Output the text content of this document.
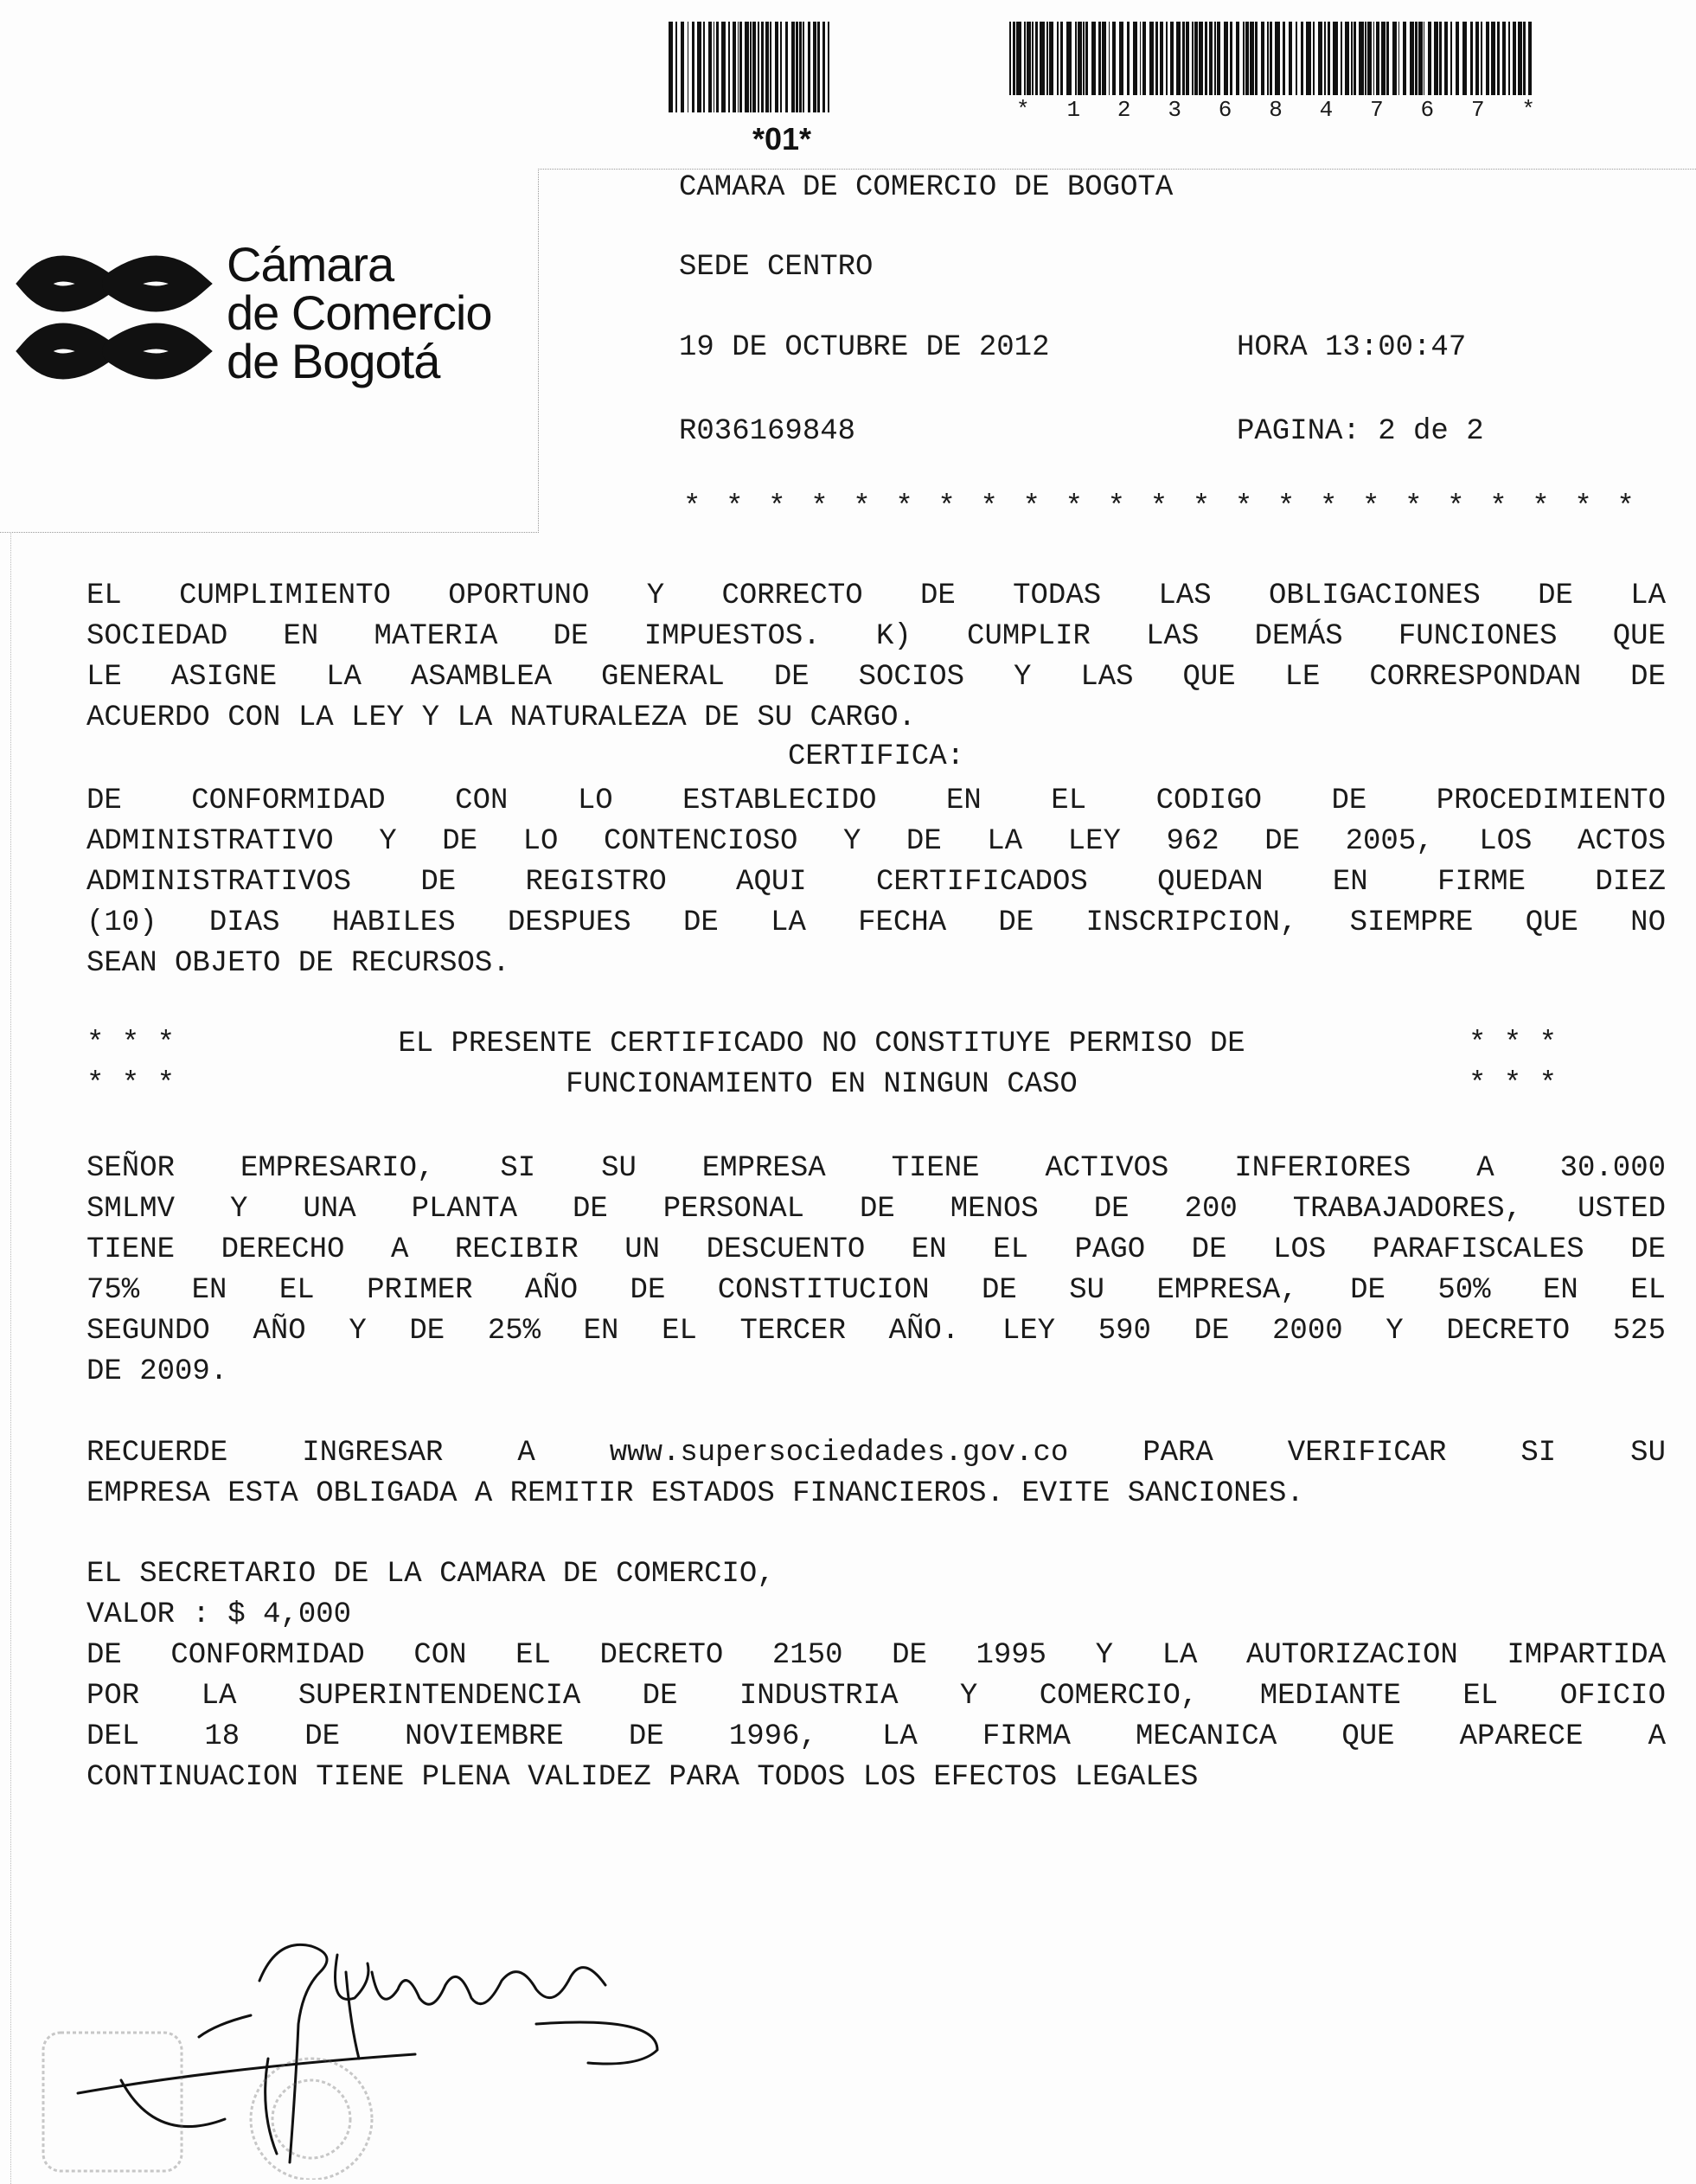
*01*
* 1 2 3 6 8 4 7 6 7 *
Cámara
de Comercio
de Bogotá
CAMARA DE COMERCIO DE BOGOTA
SEDE CENTRO
19 DE OCTUBRE DE 2012	HORA 13:00:47
R036169848	PAGINA: 2 de 2
* * * * * * * * * * * * * * * * * * * * * * *
EL CUMPLIMIENTO OPORTUNO Y CORRECTO DE TODAS LAS OBLIGACIONES DE LA
SOCIEDAD EN MATERIA DE IMPUESTOS. K) CUMPLIR LAS DEMÁS FUNCIONES QUE
LE ASIGNE LA ASAMBLEA GENERAL DE SOCIOS Y LAS QUE LE CORRESPONDAN DE
ACUERDO CON LA LEY Y LA NATURALEZA DE SU CARGO.
CERTIFICA:
DE CONFORMIDAD CON LO ESTABLECIDO EN EL CODIGO DE PROCEDIMIENTO
ADMINISTRATIVO Y DE LO CONTENCIOSO Y DE LA LEY 962 DE 2005, LOS ACTOS
ADMINISTRATIVOS DE REGISTRO AQUI CERTIFICADOS QUEDAN EN FIRME DIEZ
(10) DIAS HABILES DESPUES DE LA FECHA DE INSCRIPCION, SIEMPRE QUE NO
SEAN OBJETO DE RECURSOS.
* * *	EL PRESENTE CERTIFICADO NO CONSTITUYE PERMISO DE	* * *
* * *	FUNCIONAMIENTO EN NINGUN CASO	* * *
SEÑOR EMPRESARIO, SI SU EMPRESA TIENE ACTIVOS INFERIORES A 30.000
SMLMV Y UNA PLANTA DE PERSONAL DE MENOS DE 200 TRABAJADORES, USTED
TIENE DERECHO A RECIBIR UN DESCUENTO EN EL PAGO DE LOS PARAFISCALES DE
75% EN EL PRIMER AÑO DE CONSTITUCION DE SU EMPRESA, DE 50% EN EL
SEGUNDO AÑO Y DE 25% EN EL TERCER AÑO. LEY 590 DE 2000 Y DECRETO 525
DE 2009.
RECUERDE INGRESAR A www.supersociedades.gov.co PARA VERIFICAR SI SU
EMPRESA ESTA OBLIGADA A REMITIR ESTADOS FINANCIEROS. EVITE SANCIONES.
EL SECRETARIO DE LA CAMARA DE COMERCIO,
VALOR : $ 4,000
DE CONFORMIDAD CON EL DECRETO 2150 DE 1995 Y LA AUTORIZACION IMPARTIDA
POR LA SUPERINTENDENCIA DE INDUSTRIA Y COMERCIO, MEDIANTE EL OFICIO
DEL 18 DE NOVIEMBRE DE 1996, LA FIRMA MECANICA QUE APARECE A
CONTINUACION TIENE PLENA VALIDEZ PARA TODOS LOS EFECTOS LEGALES
